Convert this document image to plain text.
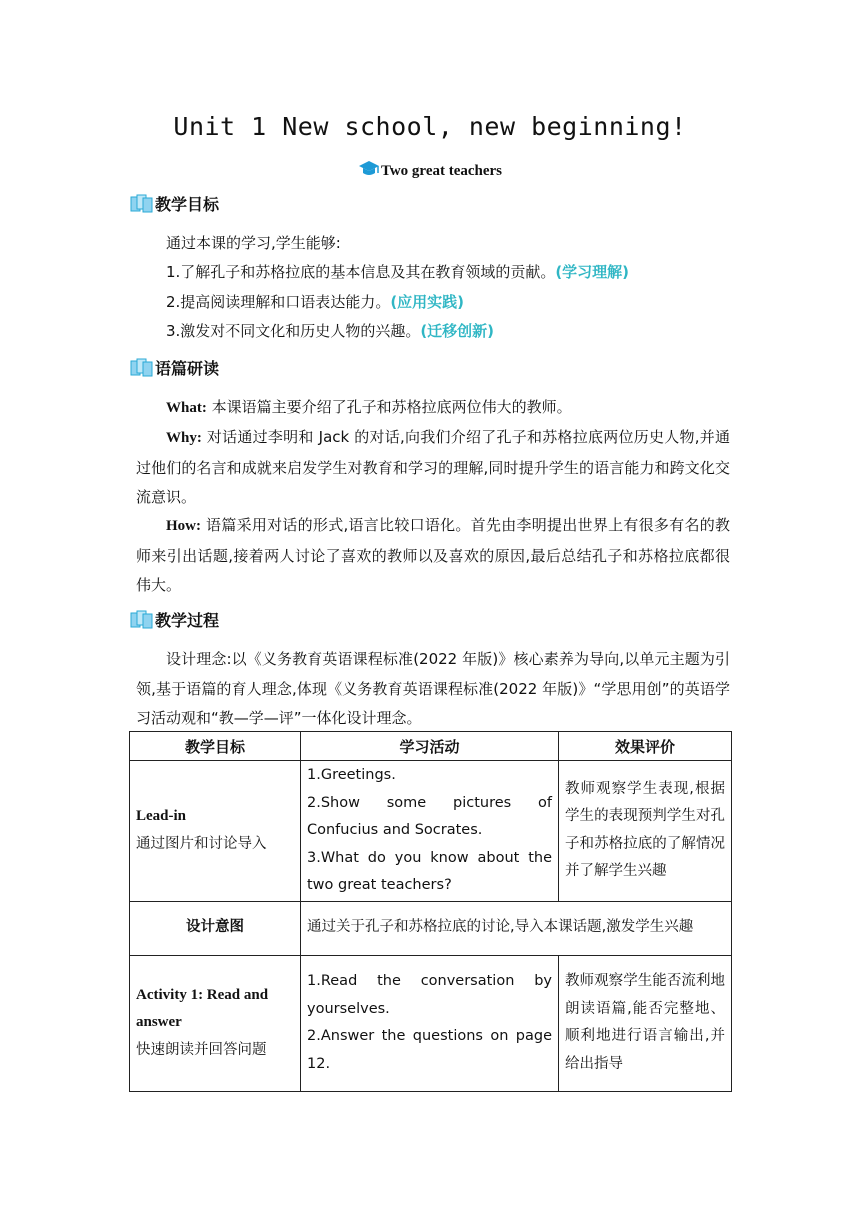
Unit 1 New school, new beginning!
Two great teachers
教学目标
通过本课的学习,学生能够:
1.了解孔子和苏格拉底的基本信息及其在教育领域的贡献。(学习理解)
2.提高阅读理解和口语表达能力。(应用实践)
3.激发对不同文化和历史人物的兴趣。(迁移创新)
语篇研读
What: 本课语篇主要介绍了孔子和苏格拉底两位伟大的教师。
Why: 对话通过李明和 Jack 的对话,向我们介绍了孔子和苏格拉底两位历史人物,并通过他们的名言和成就来启发学生对教育和学习的理解,同时提升学生的语言能力和跨文化交流意识。
How: 语篇采用对话的形式,语言比较口语化。首先由李明提出世界上有很多有名的教师来引出话题,接着两人讨论了喜欢的教师以及喜欢的原因,最后总结孔子和苏格拉底都很伟大。
教学过程
设计理念:以《义务教育英语课程标准(2022 年版)》核心素养为导向,以单元主题为引领,基于语篇的育人理念,体现《义务教育英语课程标准(2022 年版)》“学思用创”的英语学习活动观和“教—学—评”一体化设计理念。
教学目标	学习活动	效果评价

Lead-in
通过图片和讨论导入	1.Greetings.
2.Show some pictures of Confucius and Socrates.
3.What do you know about the two great teachers?	教师观察学生表现,根据学生的表现预判学生对孔子和苏格拉底的了解情况并了解学生兴趣
设计意图	通过关于孔子和苏格拉底的讨论,导入本课话题,激发学生兴趣	

Activity 1: Read and answer
快速朗读并回答问题	1.Read the conversation by yourselves.
2.Answer the questions on page 12.	教师观察学生能否流利地朗读语篇,能否完整地、顺利地进行语言输出,并给出指导
